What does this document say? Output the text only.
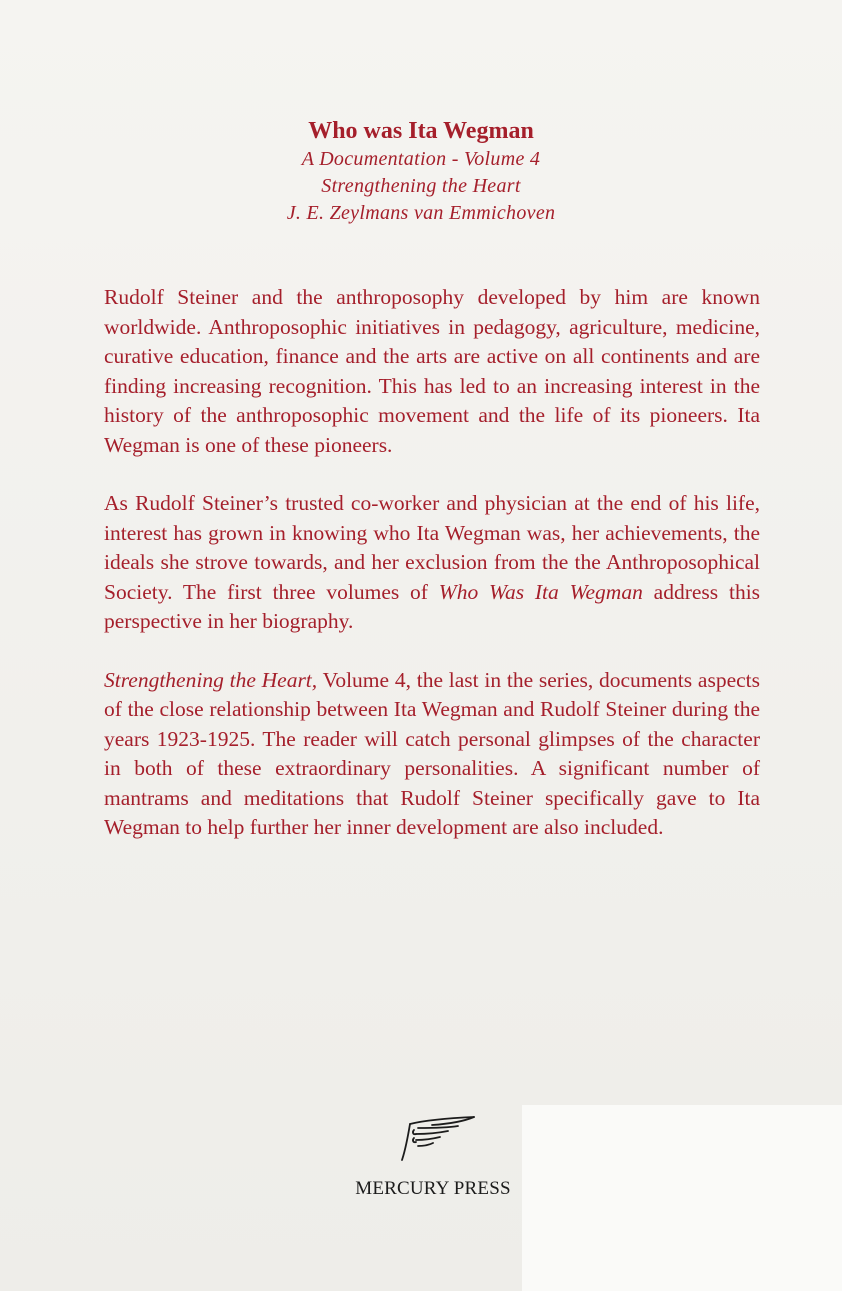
Who was Ita Wegman
A Documentation - Volume 4
Strengthening the Heart
J. E. Zeylmans van Emmichoven

Rudolf Steiner and the anthroposophy developed by him are known worldwide. Anthroposophic initiatives in pedagogy, agriculture, medicine, curative education, finance and the arts are active on all continents and are finding increasing recognition. This has led to an increasing interest in the history of the anthroposophic movement and the life of its pioneers. Ita Wegman is one of these pioneers.

As Rudolf Steiner’s trusted co-worker and physician at the end of his life, interest has grown in knowing who Ita Wegman was, her achievements, the ideals she strove towards, and her exclusion from the the Anthroposophical Society. The first three volumes of Who Was Ita Wegman address this perspective in her biography.

Strengthening the Heart, Volume 4, the last in the series, documents aspects of the close relationship between Ita Wegman and Rudolf Steiner during the years 1923-1925. The reader will catch personal glimpses of the character in both of these extraordinary personalities. A significant number of mantrams and meditations that Rudolf Steiner specifically gave to Ita Wegman to help further her inner development are also included.

MERCURY PRESS
